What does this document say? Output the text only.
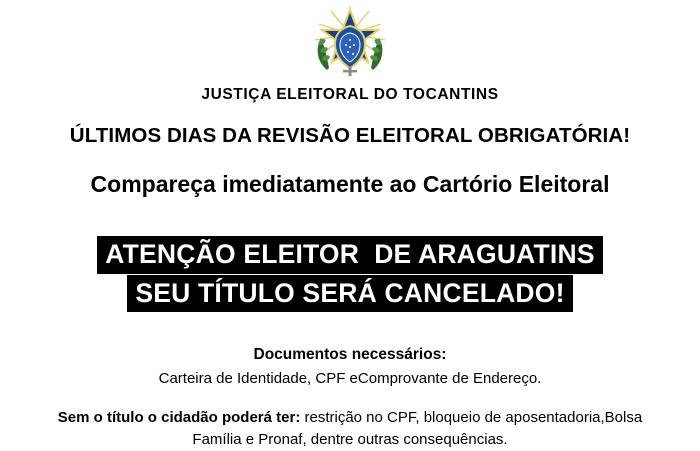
JUSTIÇA ELEITORAL DO TOCANTINS
ÚLTIMOS DIAS DA REVISÃO ELEITORAL OBRIGATÓRIA!
Compareça imediatamente ao Cartório Eleitoral
ATENÇÃO ELEITOR  DE ARAGUATINS
SEU TÍTULO SERÁ CANCELADO!
Documentos necessários:
Carteira de Identidade, CPF eComprovante de Endereço.
Sem o título o cidadão poderá ter: restrição no CPF, bloqueio de aposentadoria,Bolsa Família e Pronaf, dentre outras consequências.
